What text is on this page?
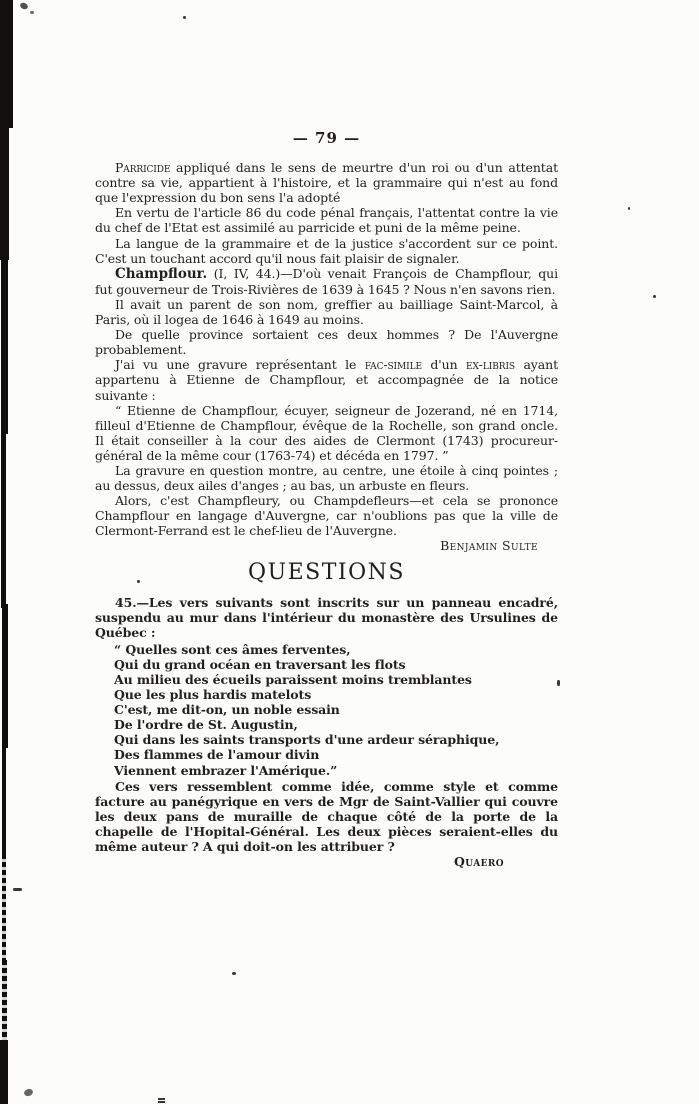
— 79 —

Parricide appliqué dans le sens de meurtre d'un roi ou d'un attentat contre sa vie, appartient à l'histoire, et la grammaire qui n'est au fond que l'expression du bon sens l'a adopté

En vertu de l'article 86 du code pénal français, l'attentat contre la vie du chef de l'Etat est assimilé au parricide et puni de la même peine.

La langue de la grammaire et de la justice s'accordent sur ce point. C'est un touchant accord qu'il nous fait plaisir de signaler.

Champflour. (I, IV, 44.)—D'où venait François de Champflour, qui fut gouverneur de Trois-Rivières de 1639 à 1645 ? Nous n'en savons rien.

Il avait un parent de son nom, greffier au bailliage Saint-Marcol, à Paris, où il logea de 1646 à 1649 au moins.

De quelle province sortaient ces deux hommes ? De l'Auvergne probablement.

J'ai vu une gravure représentant le fac-simile d'un ex-libris ayant appartenu à Etienne de Champflour, et accompagnée de la notice suivante :

“ Etienne de Champflour, écuyer, seigneur de Jozerand, né en 1714, filleul d'Etienne de Champflour, évêque de la Rochelle, son grand oncle. Il était conseiller à la cour des aides de Clermont (1743) procureur-général de la même cour (1763-74) et décéda en 1797. ”

La gravure en question montre, au centre, une étoile à cinq pointes ; au dessus, deux ailes d'anges ; au bas, un arbuste en fleurs.

Alors, c'est Champfleury, ou Champdefleurs—et cela se prononce Champflour en langage d'Auvergne, car n'oublions pas que la ville de Clermont-Ferrand est le chef-lieu de l'Auvergne.

Benjamin Sulte
QUESTIONS

45.—Les vers suivants sont inscrits sur un panneau encadré, suspendu au mur dans l'intérieur du monastère des Ursulines de Québec :

“ Quelles sont ces âmes ferventes,
Qui du grand océan en traversant les flots
Au milieu des écueils paraissent moins tremblantes
Que les plus hardis matelots
C'est, me dit-on, un noble essain
De l'ordre de St. Augustin,
Qui dans les saints transports d'une ardeur séraphique,
Des flammes de l'amour divin
Viennent embrazer l'Amérique.”

Ces vers ressemblent comme idée, comme style et comme facture au panégyrique en vers de Mgr de Saint-Vallier qui couvre les deux pans de muraille de chaque côté de la porte de la chapelle de l'Hopital-Général. Les deux pièces seraient-elles du même auteur ? A qui doit-on les attribuer ?

Quaero
